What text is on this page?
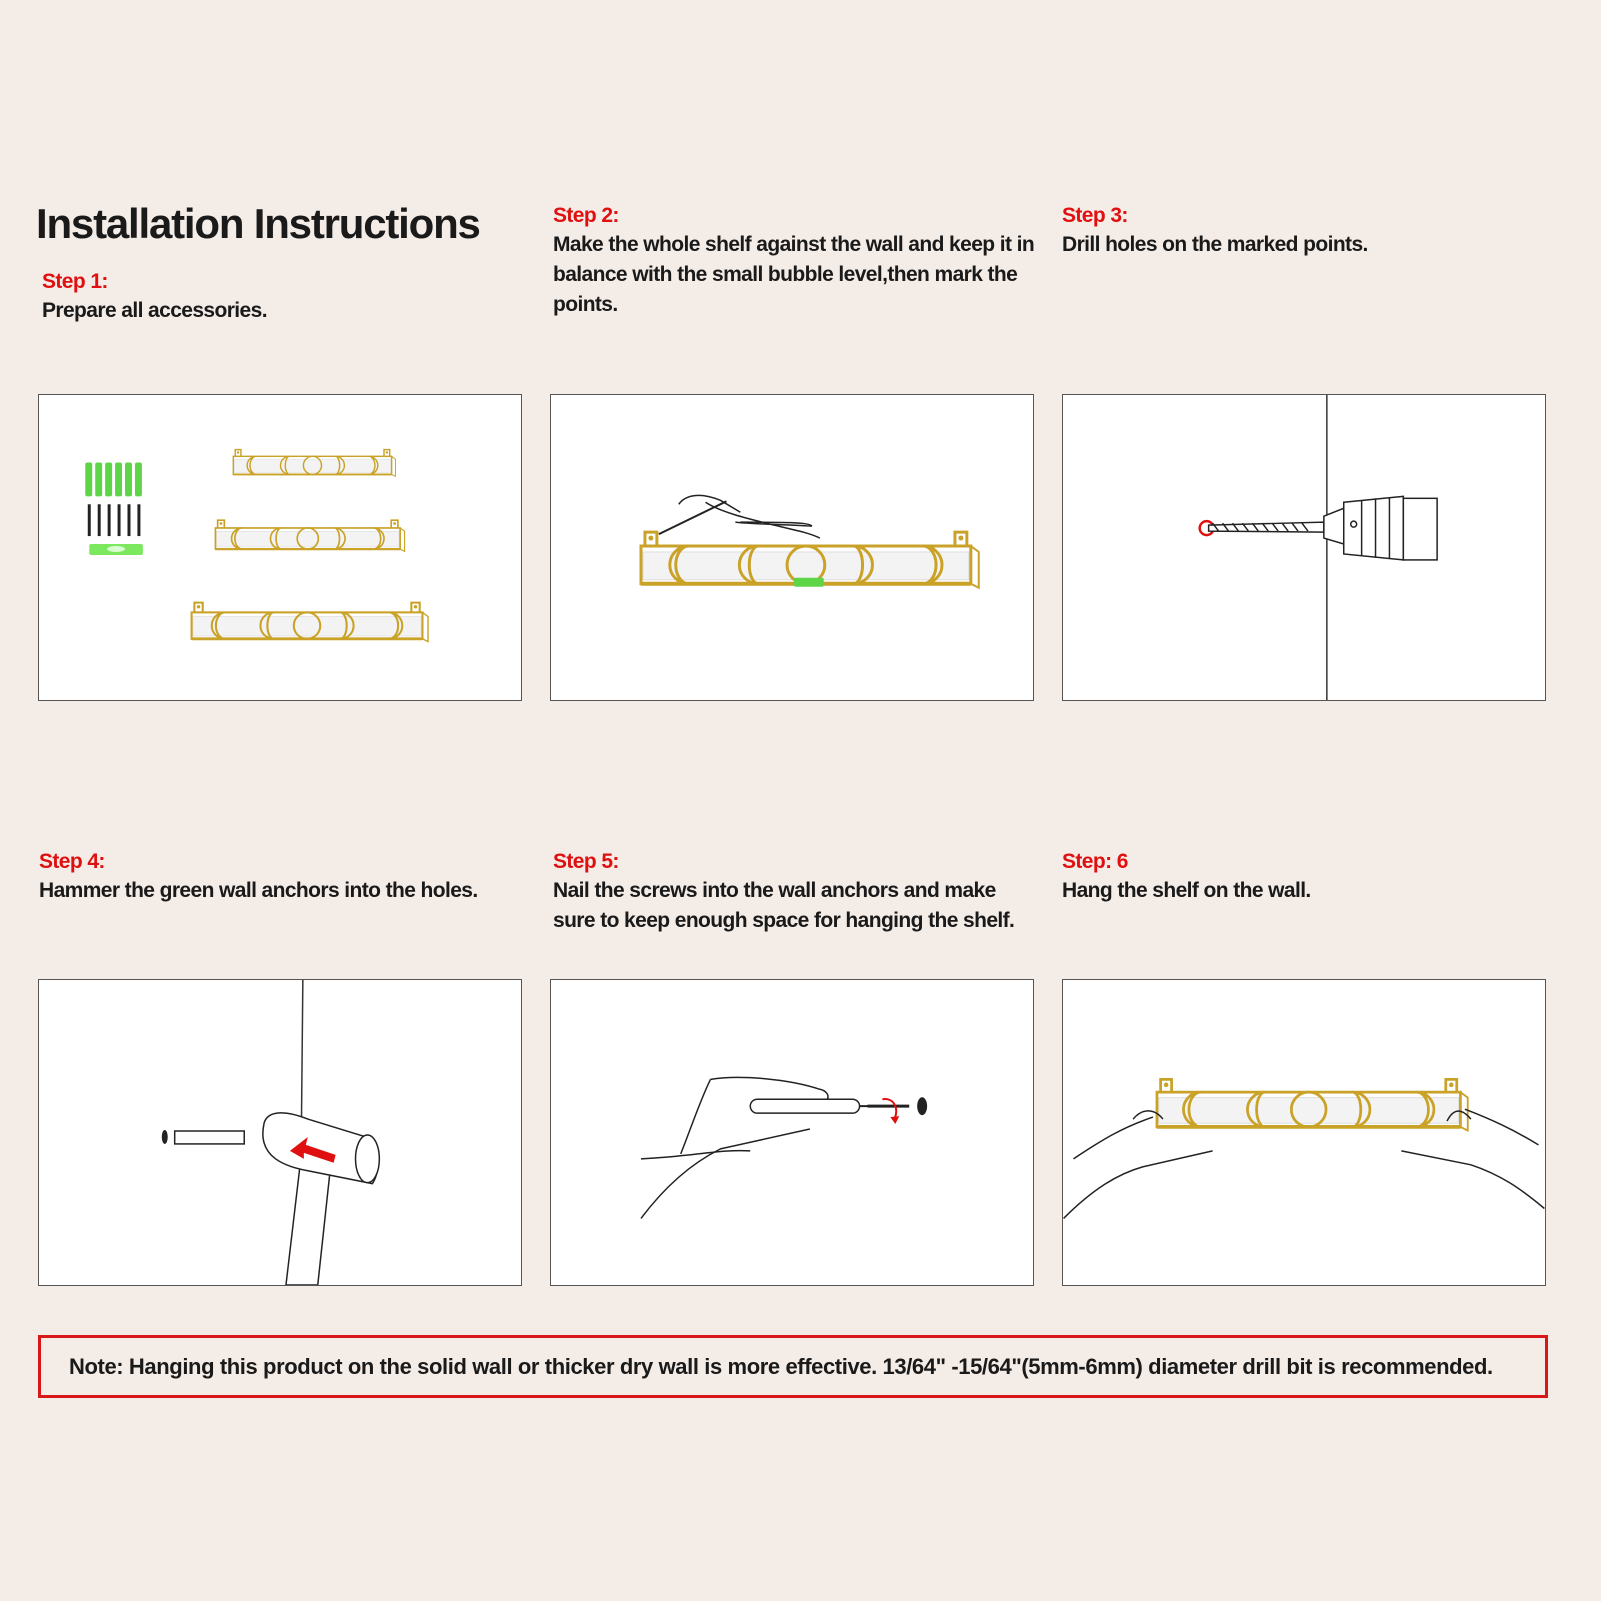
Installation Instructions
Step 1:
Prepare all accessories.
Step 2:
Make the whole shelf against the wall and keep it in balance with the small bubble level,then mark the points.
Step 3:
Drill holes on the marked points.
Step 4:
Hammer the green wall anchors into the holes.
Step 5:
Nail the screws into the wall anchors and make sure to keep enough space for hanging the shelf.
Step: 6
Hang the shelf on the wall.
Note: Hanging this product on the solid wall or thicker dry wall is more effective. 13/64" -15/64"(5mm-6mm) diameter drill bit is recommended.
